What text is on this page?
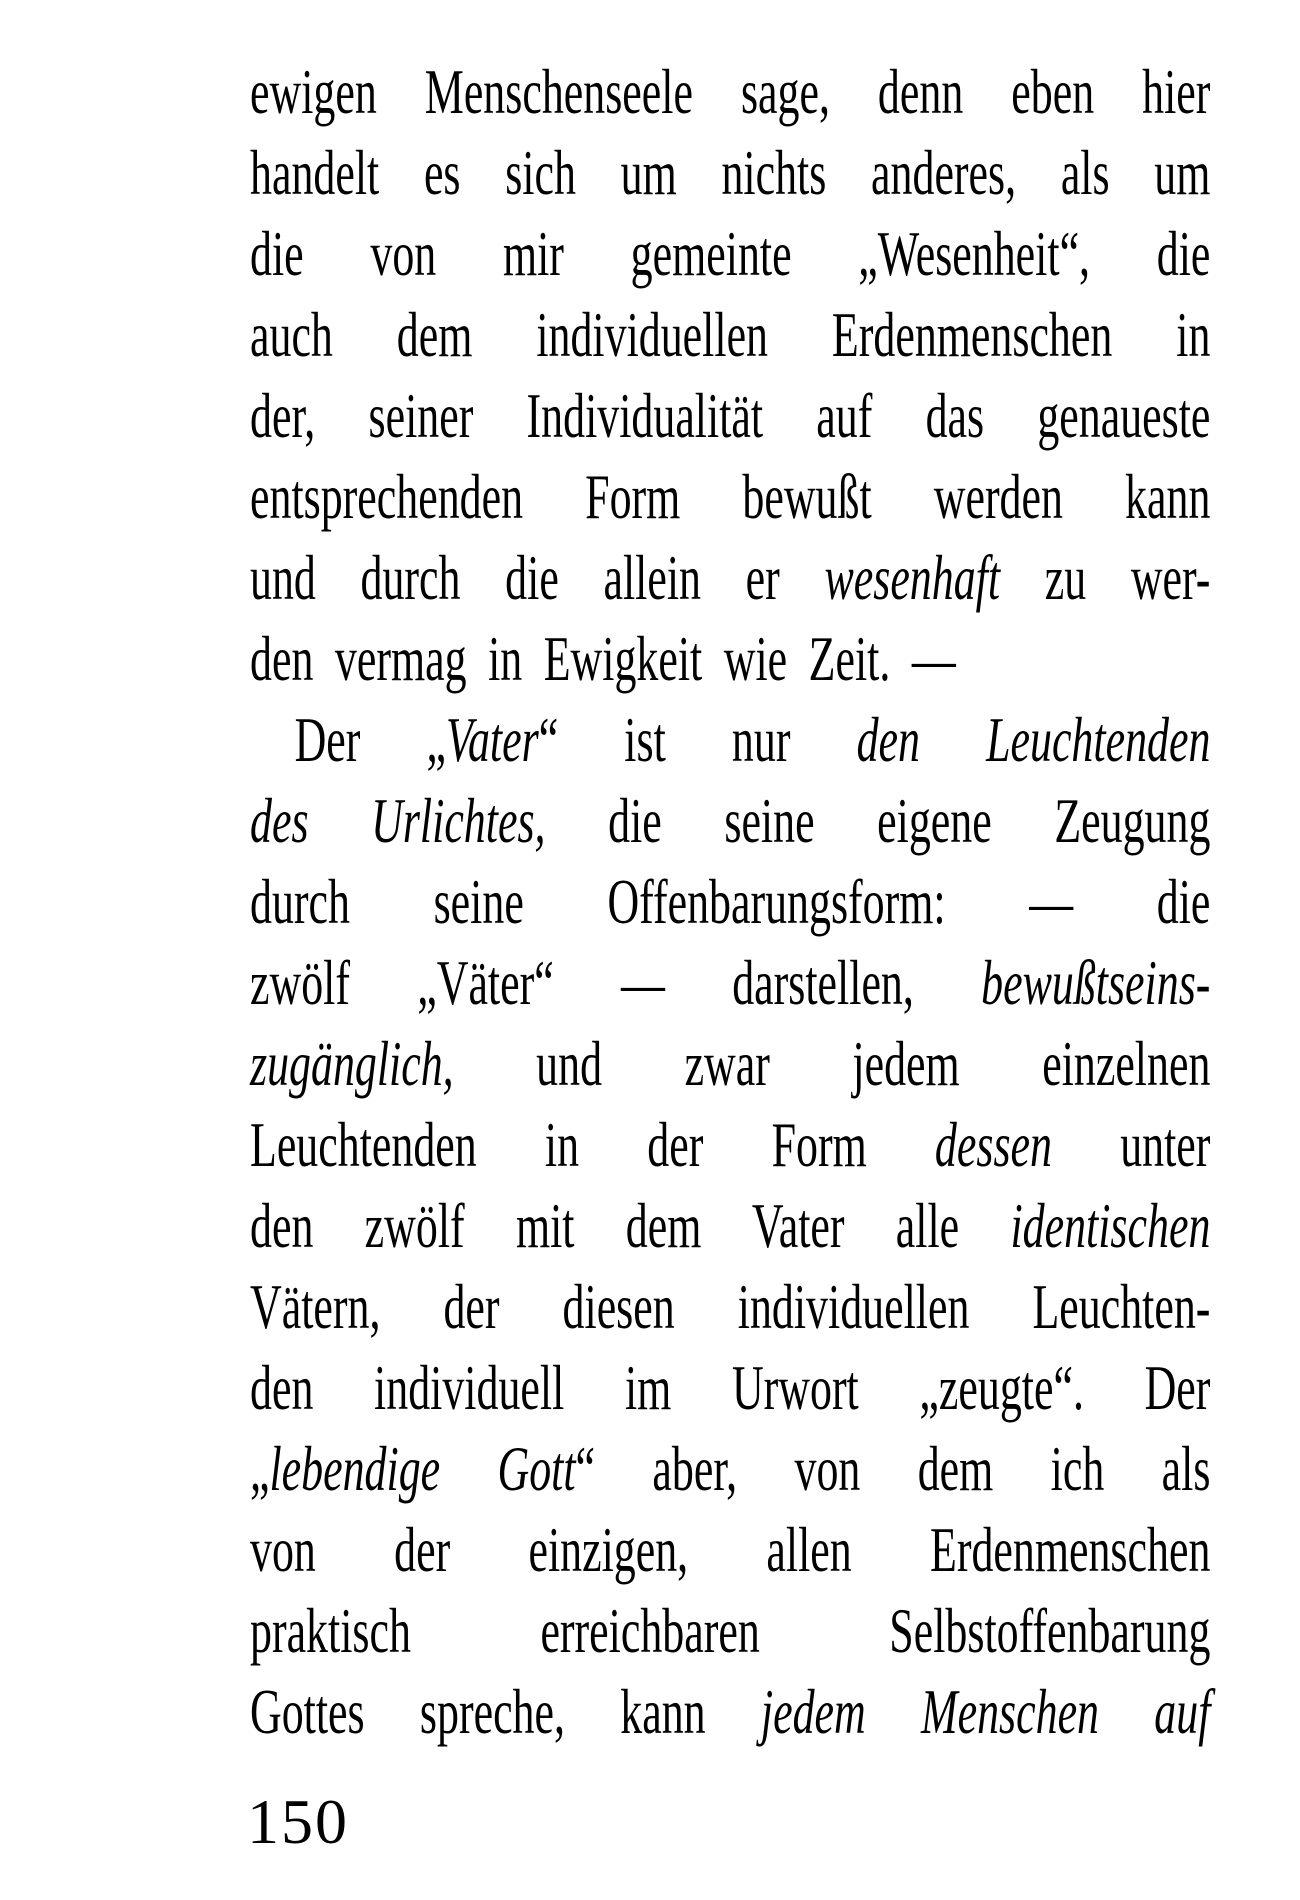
ewigen Menschenseele sage, denn eben hier
handelt es sich um nichts anderes, als um
die von mir gemeinte „Wesenheit“, die
auch dem individuellen Erdenmenschen in
der, seiner Individualität auf das genaueste
entsprechenden Form bewußt werden kann
und durch die allein er wesenhaft zu wer-
den vermag in Ewigkeit wie Zeit. —
Der „Vater“ ist nur den Leuchtenden
des Urlichtes, die seine eigene Zeugung
durch seine Offenbarungsform: — die
zwölf „Väter“ — darstellen, bewußtseins-
zugänglich, und zwar jedem einzelnen
Leuchtenden in der Form dessen unter
den zwölf mit dem Vater alle identischen
Vätern, der diesen individuellen Leuchten-
den individuell im Urwort „zeugte“. Der
„lebendige Gott“ aber, von dem ich als
von der einzigen, allen Erdenmenschen
praktisch erreichbaren Selbstoffenbarung
Gottes spreche, kann jedem Menschen auf
150
